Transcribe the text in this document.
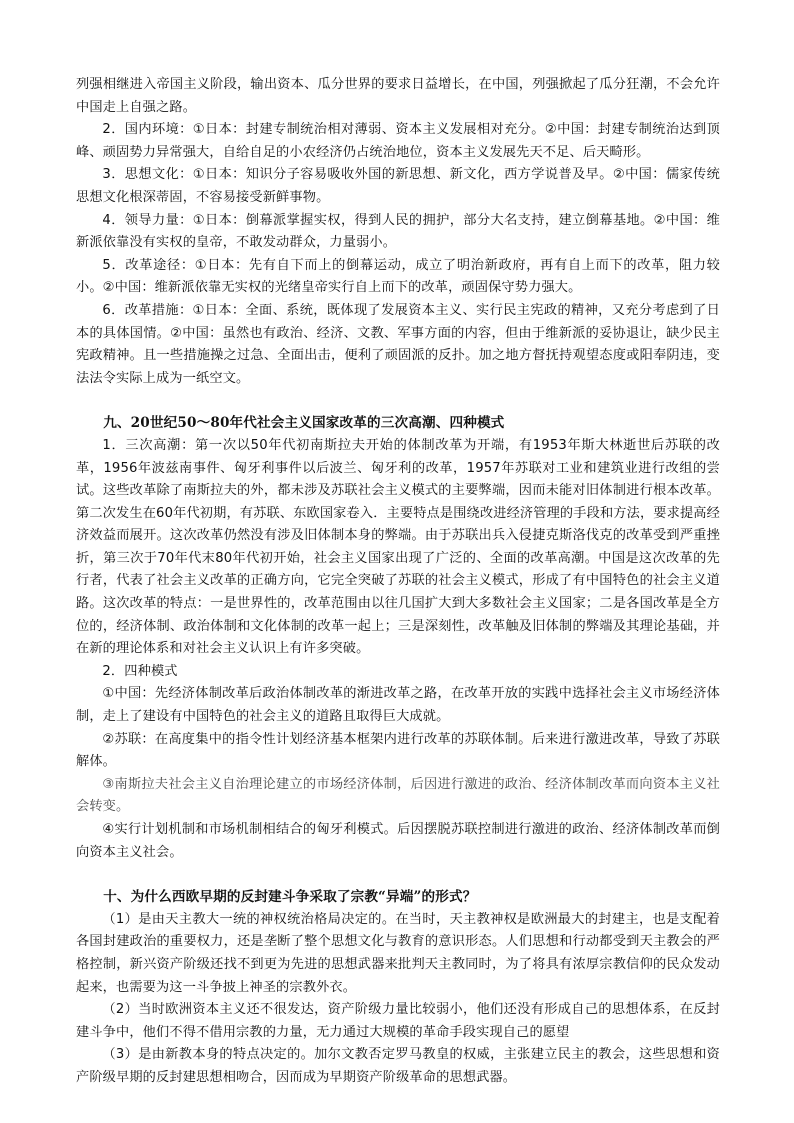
列强相继进入帝国主义阶段，输出资本、瓜分世界的要求日益增长，在中国，列强掀起了瓜分狂潮，不会允许中国走上自强之路。

2．国内环境：①日本：封建专制统治相对薄弱、资本主义发展相对充分。②中国：封建专制统治达到顶峰、顽固势力异常强大，自给自足的小农经济仍占统治地位，资本主义发展先天不足、后天畸形。

3．思想文化：①日本：知识分子容易吸收外国的新思想、新文化，西方学说普及早。②中国：儒家传统思想文化根深蒂固，不容易接受新鲜事物。

4．领导力量：①日本：倒幕派掌握实权，得到人民的拥护，部分大名支持，建立倒幕基地。②中国：维新派依靠没有实权的皇帝，不敢发动群众，力量弱小。

5．改革途径：①日本：先有自下而上的倒幕运动，成立了明治新政府，再有自上而下的改革，阻力较小。②中国：维新派依靠无实权的光绪皇帝实行自上而下的改革，顽固保守势力强大。

6．改革措施：①日本：全面、系统，既体现了发展资本主义、实行民主宪政的精神，又充分考虑到了日本的具体国情。②中国：虽然也有政治、经济、文教、军事方面的内容，但由于维新派的妥协退让，缺少民主宪政精神。且一些措施操之过急、全面出击，便利了顽固派的反扑。加之地方督抚持观望态度或阳奉阴违，变法法令实际上成为一纸空文。

九、20世纪50～80年代社会主义国家改革的三次高潮、四种模式

1．三次高潮：第一次以50年代初南斯拉夫开始的体制改革为开端，有1953年斯大林逝世后苏联的改革，1956年波兹南事件、匈牙利事件以后波兰、匈牙利的改革，1957年苏联对工业和建筑业进行改组的尝试。这些改革除了南斯拉夫的外，都未涉及苏联社会主义模式的主要弊端，因而未能对旧体制进行根本改革。第二次发生在60年代初期，有苏联、东欧国家卷入．主要特点是围绕改进经济管理的手段和方法，要求提高经济效益而展开。这次改革仍然没有涉及旧体制本身的弊端。由于苏联出兵入侵捷克斯洛伐克的改革受到严重挫折，第三次于70年代末80年代初开始，社会主义国家出现了广泛的、全面的改革高潮。中国是这次改革的先行者，代表了社会主义改革的正确方向，它完全突破了苏联的社会主义模式，形成了有中国特色的社会主义道路。这次改革的特点：一是世界性的，改革范围由以往几国扩大到大多数社会主义国家；二是各国改革是全方位的，经济体制、政治体制和文化体制的改革一起上；三是深刻性，改革触及旧体制的弊端及其理论基础，并在新的理论体系和对社会主义认识上有许多突破。

2．四种模式

①中国：先经济体制改革后政治体制改革的渐进改革之路，在改革开放的实践中选择社会主义市场经济体制，走上了建设有中国特色的社会主义的道路且取得巨大成就。

②苏联：在高度集中的指令性计划经济基本框架内进行改革的苏联体制。后来进行激进改革，导致了苏联解体。

③南斯拉夫社会主义自治理论建立的市场经济体制，后因进行激进的政治、经济体制改革而向资本主义社会转变。

④实行计划机制和市场机制相结合的匈牙利模式。后因摆脱苏联控制进行激进的政治、经济体制改革而倒向资本主义社会。

十、为什么西欧早期的反封建斗争采取了宗教“异端”的形式？

（1）是由天主教大一统的神权统治格局决定的。在当时，天主教神权是欧洲最大的封建主，也是支配着各国封建政治的重要权力，还是垄断了整个思想文化与教育的意识形态。人们思想和行动都受到天主教会的严格控制，新兴资产阶级还找不到更为先进的思想武器来批判天主教同时，为了将具有浓厚宗教信仰的民众发动起来，也需要为这一斗争披上神圣的宗教外衣。

（2）当时欧洲资本主义还不很发达，资产阶级力量比较弱小，他们还没有形成自己的思想体系，在反封建斗争中，他们不得不借用宗教的力量，无力通过大规模的革命手段实现自己的愿望

（3）是由新教本身的特点决定的。加尔文教否定罗马教皇的权威，主张建立民主的教会，这些思想和资产阶级早期的反封建思想相吻合，因而成为早期资产阶级革命的思想武器。
